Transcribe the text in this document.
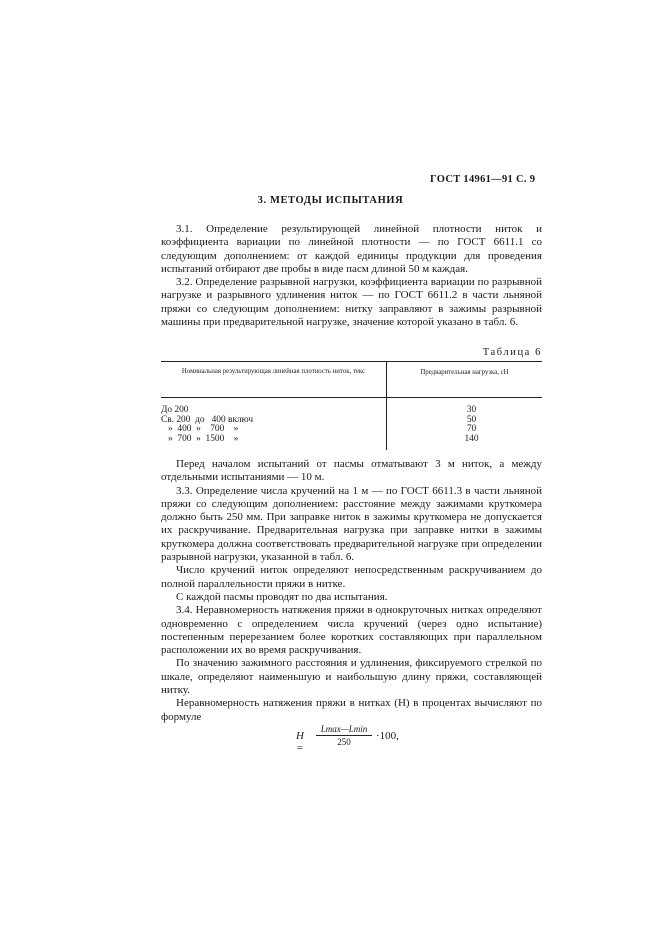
ГОСТ 14961—91 С. 9
3. МЕТОДЫ ИСПЫТАНИЯ

3.1. Определение результирующей линейной плотности ниток и коэффициента вариации по линейной плотности — по ГОСТ 6611.1 со следующим дополнением: от каждой единицы продукции для проведения испытаний отбирают две пробы в виде пасм длиной 50 м каждая.

3.2. Определение разрывной нагрузки, коэффициента вариации по разрывной нагрузке и разрывного удлинения ниток — по ГОСТ 6611.2 в части льняной пряжи со следующим дополнением: нитку заправляют в зажимы разрывной машины при предварительной нагрузке, значение которой указано в табл. 6.

Таблица 6
Номинальная результирующая линейная плотность ниток, текс	Предварительная нагрузка, сН
До 200
Св. 200  до   400 включ
»  400  »    700    »
»  700  »  1500    »
30
50
70
140

Перед началом испытаний от пасмы отматывают 3 м ниток, а между отдельными испытаниями — 10 м.

3.3. Определение числа кручений на 1 м — по ГОСТ 6611.3 в части льняной пряжи со следующим дополнением: расстояние между зажимами круткомера должно быть 250 мм. При заправке ниток в зажимы круткомера не допускается их раскручивание. Предварительная нагрузка при заправке нитки в зажимы круткомера должна соответствовать предварительной нагрузке при определении разрывной нагрузки, указанной в табл. 6.

Число кручений ниток определяют непосредственным раскручиванием до полной параллельности пряжи в нитке.

С каждой пасмы проводят по два испытания.

3.4. Неравномерность натяжения пряжи в однокруточных нитках определяют одновременно с определением числа кручений (через одно испытание) постепенным перерезанием более коротких составляющих при параллельном расположении их во время раскручивания.

По значению зажимного расстояния и удлинения, фиксируемого стрелкой по шкале, определяют наименьшую и наибольшую длину пряжи, составляющей нитку.

Неравномерность натяжения пряжи в нитках (Н) в процентах вычисляют по формуле

Н =
Lmax—Lmin
250	·100,
